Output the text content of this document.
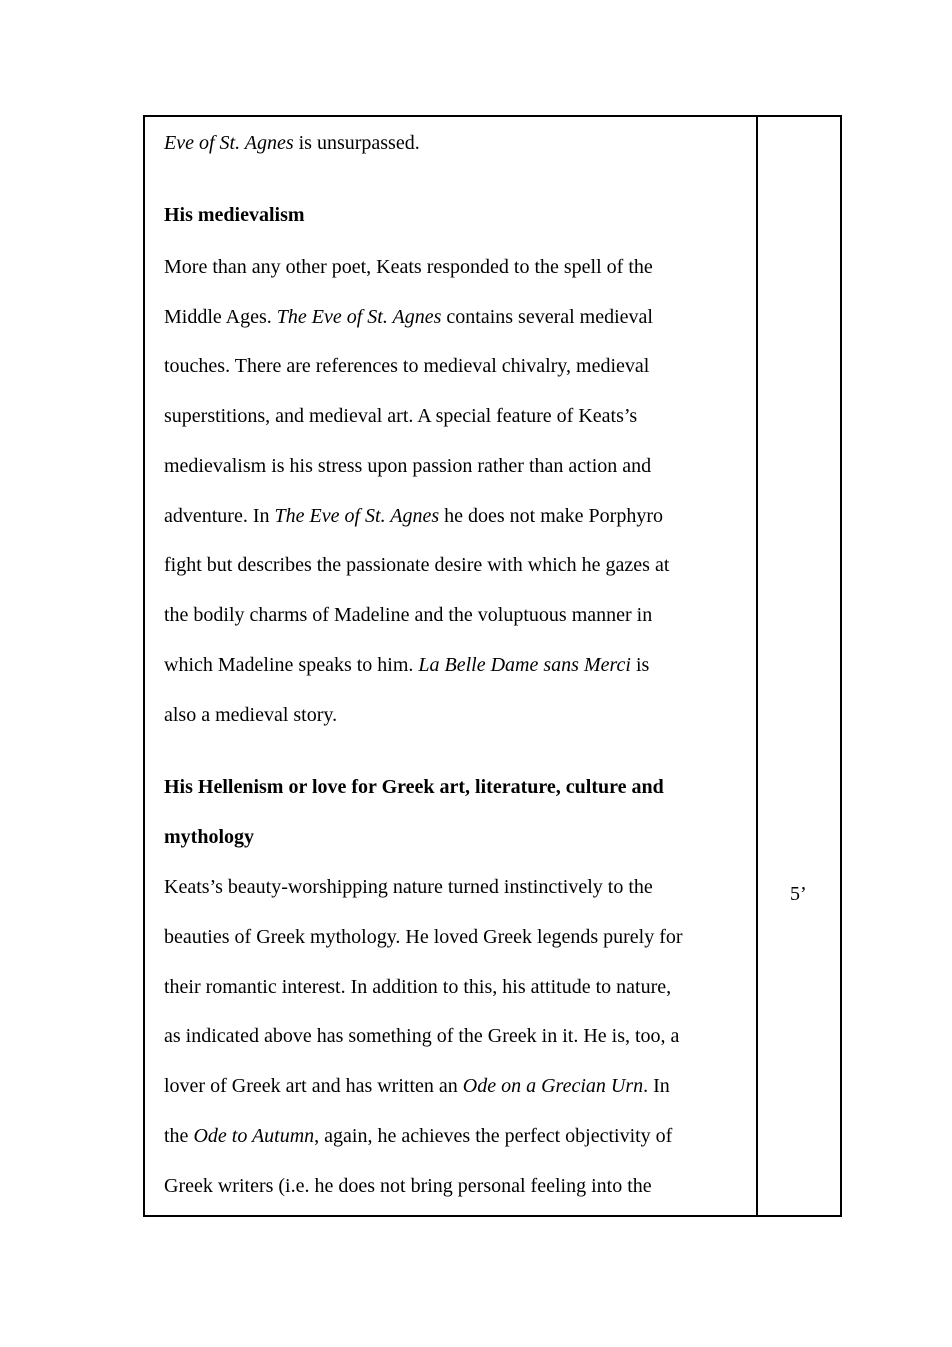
Eve of St. Agnes is unsurpassed.

His medievalism

More than any other poet, Keats responded to the spell of the

Middle Ages. The Eve of St. Agnes contains several medieval

touches. There are references to medieval chivalry, medieval

superstitions, and medieval art. A special feature of Keats’s

medievalism is his stress upon passion rather than action and

adventure. In The Eve of St. Agnes he does not make Porphyro

fight but describes the passionate desire with which he gazes at

the bodily charms of Madeline and the voluptuous manner in

which Madeline speaks to him. La Belle Dame sans Merci is

also a medieval story.

His Hellenism or love for Greek art, literature, culture and

mythology

Keats’s beauty-worshipping nature turned instinctively to the

beauties of Greek mythology. He loved Greek legends purely for

their romantic interest. In addition to this, his attitude to nature,

as indicated above has something of the Greek in it. He is, too, a

lover of Greek art and has written an Ode on a Grecian Urn. In

the Ode to Autumn, again, he achieves the perfect objectivity of

Greek writers (i.e. he does not bring personal feeling into the

5’
